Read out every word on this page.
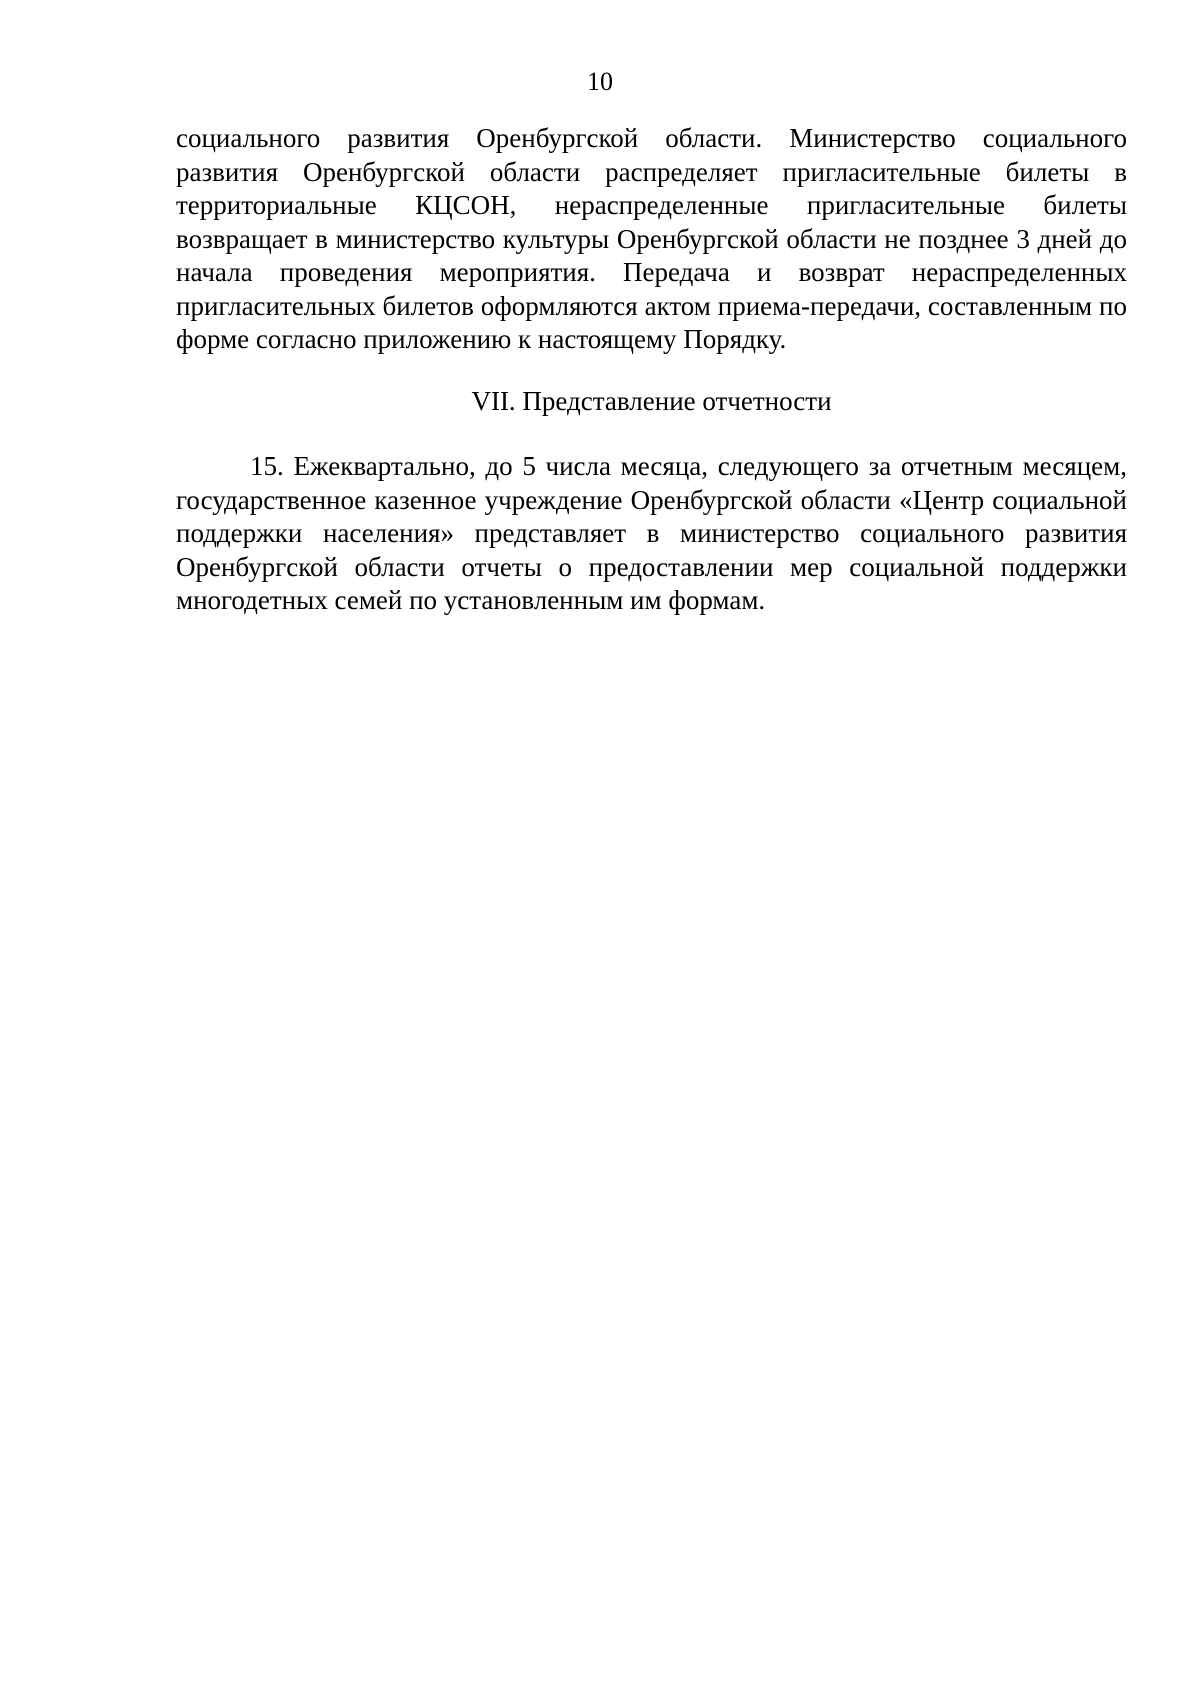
10

социального развития Оренбургской области. Министерство социального развития Оренбургской области распределяет пригласительные билеты в территориальные КЦСОН, нераспределенные пригласительные билеты возвращает в министерство культуры Оренбургской области не позднее 3 дней до начала проведения мероприятия. Передача и возврат нераспределенных пригласительных билетов оформляются актом приема-передачи, составленным по форме согласно приложению к настоящему Порядку.

VII. Представление отчетности

15. Ежеквартально, до 5 числа месяца, следующего за отчетным месяцем, государственное казенное учреждение Оренбургской области «Центр социальной поддержки населения» представляет в министерство социального развития Оренбургской области отчеты о предоставлении мер социальной поддержки многодетных семей по установленным им формам.
